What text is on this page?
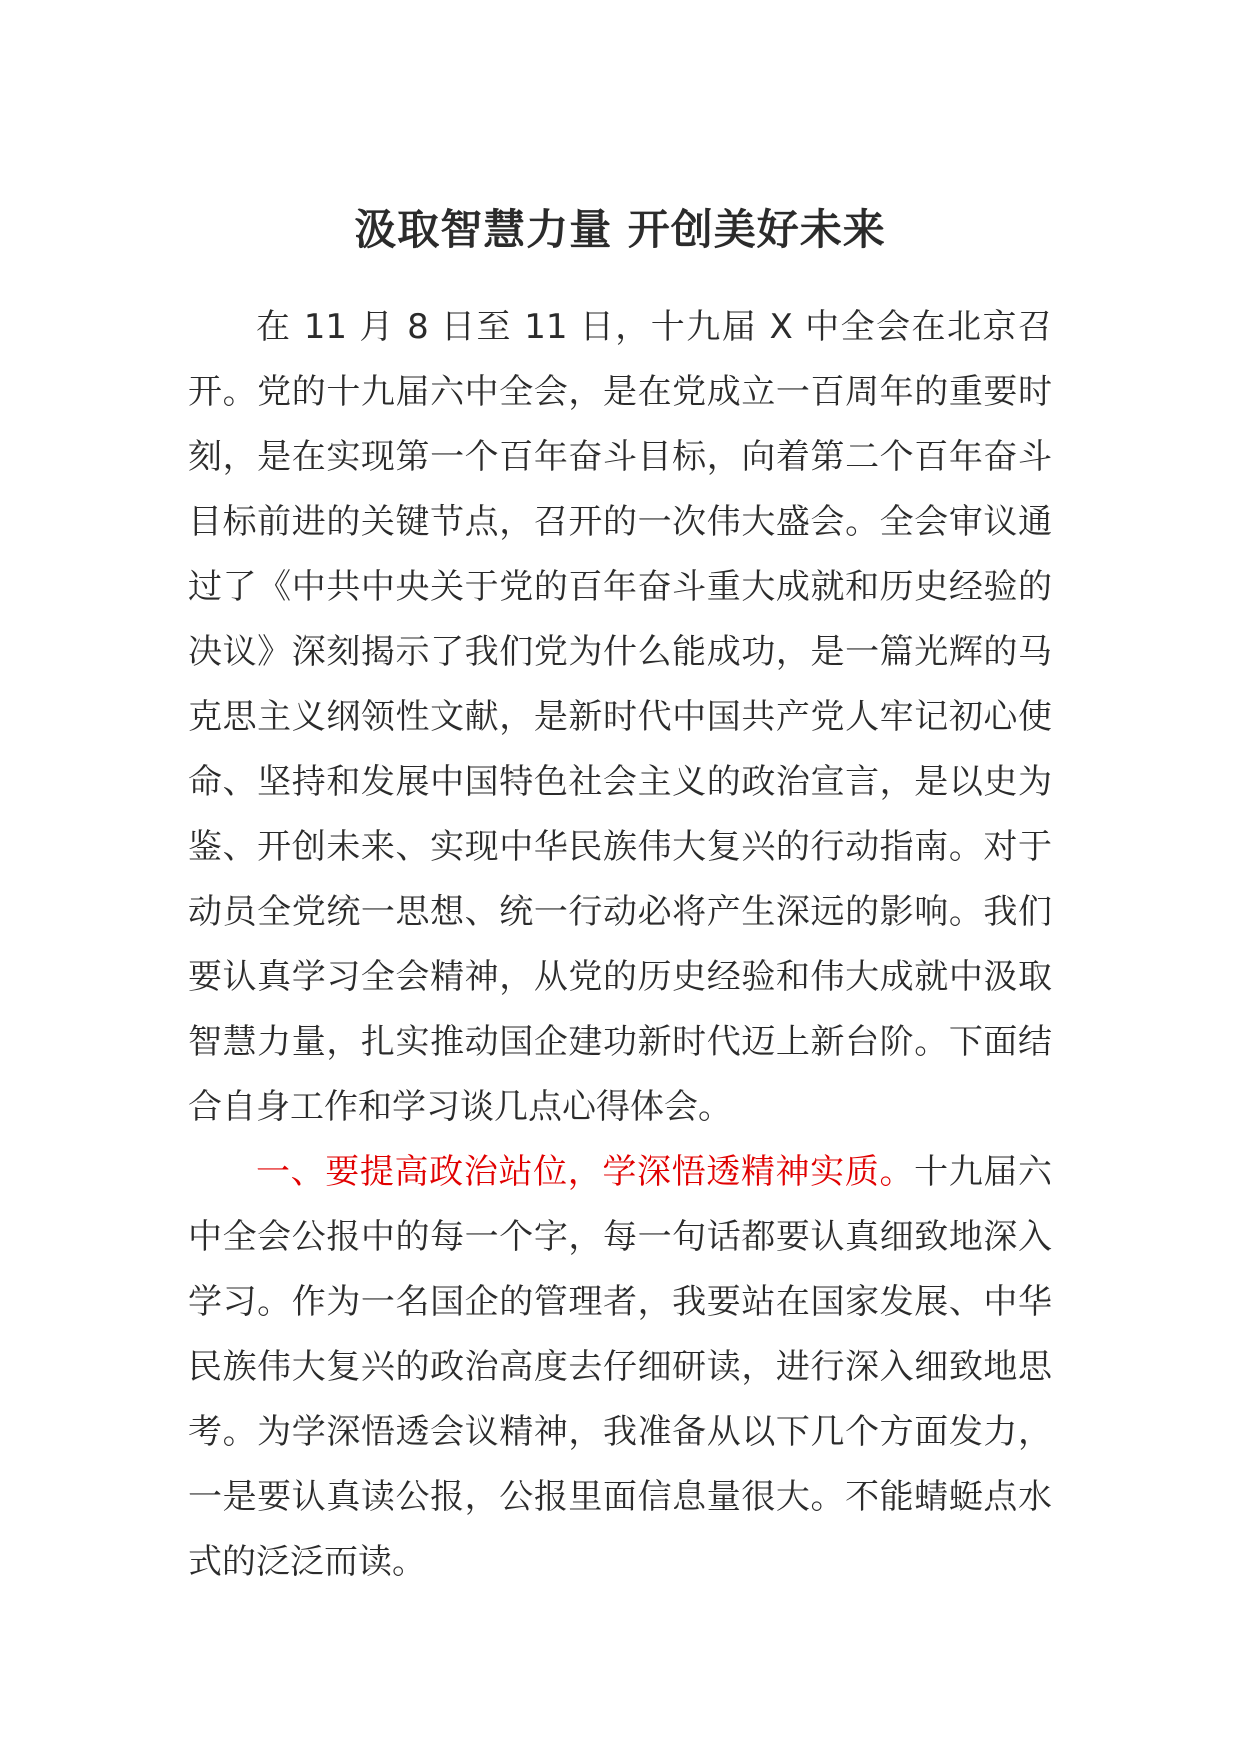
汲取智慧力量 开创美好未来

在 11 月 8 日至 11 日，十九届 X 中全会在北京召开。党的十九届六中全会，是在党成立一百周年的重要时刻，是在实现第一个百年奋斗目标，向着第二个百年奋斗目标前进的关键节点，召开的一次伟大盛会。全会审议通过了《中共中央关于党的百年奋斗重大成就和历史经验的决议》深刻揭示了我们党为什么能成功，是一篇光辉的马克思主义纲领性文献，是新时代中国共产党人牢记初心使命、坚持和发展中国特色社会主义的政治宣言，是以史为鉴、开创未来、实现中华民族伟大复兴的行动指南。对于动员全党统一思想、统一行动必将产生深远的影响。我们要认真学习全会精神，从党的历史经验和伟大成就中汲取智慧力量，扎实推动国企建功新时代迈上新台阶。下面结合自身工作和学习谈几点心得体会。

一、要提高政治站位，学深悟透精神实质。十九届六中全会公报中的每一个字，每一句话都要认真细致地深入学习。作为一名国企的管理者，我要站在国家发展、中华民族伟大复兴的政治高度去仔细研读，进行深入细致地思考。为学深悟透会议精神，我准备从以下几个方面发力，一是要认真读公报，公报里面信息量很大。不能蜻蜓点水式的泛泛而读。
